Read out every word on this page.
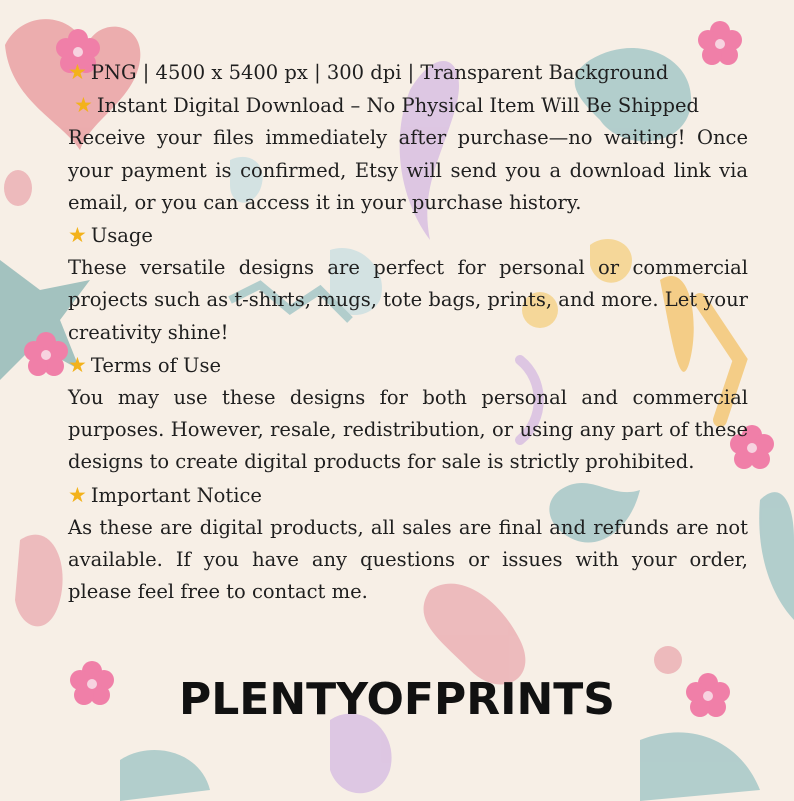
★ PNG | 4500 x 5400 px | 300 dpi | Transparent Background
★ Instant Digital Download – No Physical Item Will Be Shipped

Receive your files immediately after purchase—no waiting! Once your payment is confirmed, Etsy will send you a download link via email, or you can access it in your purchase history.

★ Usage

These versatile designs are perfect for personal or commercial projects such as t-shirts, mugs, tote bags, prints, and more. Let your creativity shine!

★ Terms of Use

You may use these designs for both personal and commercial purposes. However, resale, redistribution, or using any part of these designs to create digital products for sale is strictly prohibited.

★ Important Notice

As these are digital products, all sales are final and refunds are not available. If you have any questions or issues with your order, please feel free to contact me.

PLENTYOFPRINTS
